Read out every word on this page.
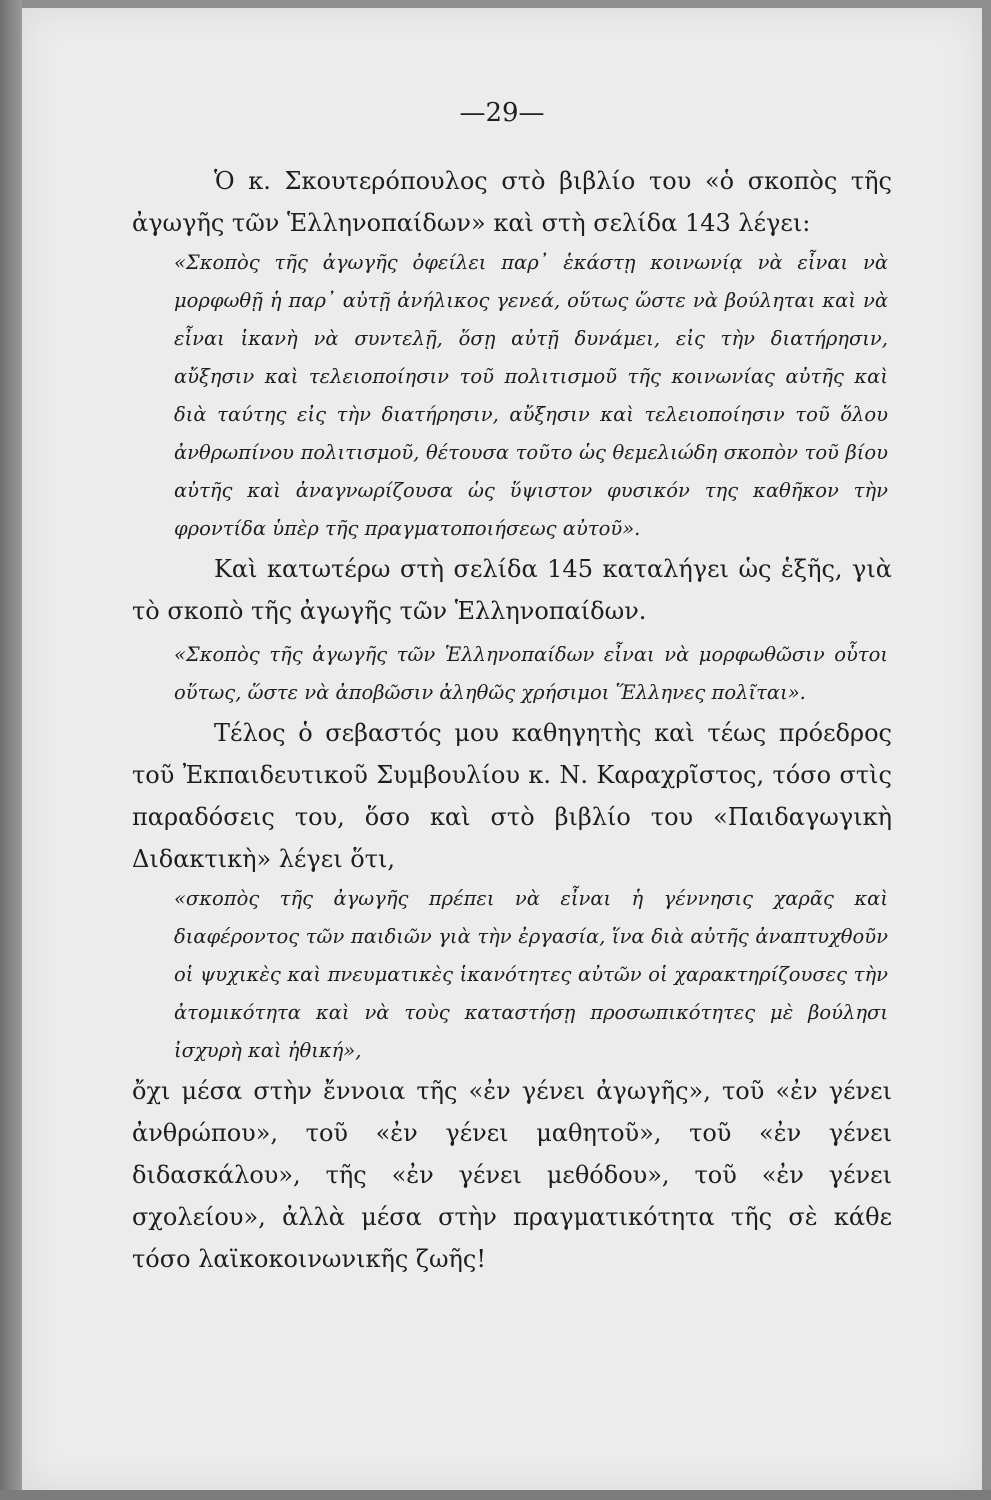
—29—

Ὁ κ. Σκουτερόπουλος στὸ βιβλίο του «ὁ σκοπὸς τῆς ἀγωγῆς τῶν Ἑλληνοπαίδων» καὶ στὴ σελίδα 143 λέγει:

«Σκοπὸς τῆς ἀγωγῆς ὀφείλει παρ᾽ ἑκάστῃ κοινωνίᾳ νὰ εἶναι νὰ μορφωθῇ ἡ παρ᾽ αὐτῇ ἀνήλικος γενεά, οὕτως ὥστε νὰ βούληται καὶ νὰ εἶναι ἱκανὴ νὰ συντελῇ, ὅσῃ αὐτῇ δυνάμει, εἰς τὴν διατήρησιν, αὔξησιν καὶ τελειοποίησιν τοῦ πολιτισμοῦ τῆς κοινωνίας αὐτῆς καὶ διὰ ταύτης εἰς τὴν διατήρησιν, αὔξησιν καὶ τελειοποίησιν τοῦ ὅλου ἀνθρωπίνου πολιτισμοῦ, θέτουσα τοῦτο ὡς θεμελιώδη σκοπὸν τοῦ βίου αὐτῆς καὶ ἀναγνωρίζουσα ὡς ὕψιστον φυσικόν της καθῆκον τὴν φροντίδα ὑπὲρ τῆς πραγματοποιήσεως αὐτοῦ».

Καὶ κατωτέρω στὴ σελίδα 145 καταλήγει ὡς ἑξῆς, γιὰ τὸ σκοπὸ τῆς ἀγωγῆς τῶν Ἑλληνοπαίδων.

«Σκοπὸς τῆς ἀγωγῆς τῶν Ἑλληνοπαίδων εἶναι νὰ μορφωθῶσιν οὗτοι οὕτως, ὥστε νὰ ἀποβῶσιν ἀληθῶς χρήσιμοι Ἕλληνες πολῖται».

Τέλος ὁ σεβαστός μου καθηγητὴς καὶ τέως πρόεδρος τοῦ Ἐκπαιδευτικοῦ Συμβουλίου κ. Ν. Καραχρῖστος, τόσο στὶς παραδόσεις του, ὅσο καὶ στὸ βιβλίο του «Παιδαγωγικὴ Διδακτικὴ» λέγει ὅτι,

«σκοπὸς τῆς ἀγωγῆς πρέπει νὰ εἶναι ἡ γέννησις χαρᾶς καὶ διαφέροντος τῶν παιδιῶν γιὰ τὴν ἐργασία, ἵνα διὰ αὐτῆς ἀναπτυχθοῦν οἱ ψυχικὲς καὶ πνευματικὲς ἱκανότητες αὐτῶν οἱ χαρακτηρίζουσες τὴν ἀτομικότητα καὶ νὰ τοὺς καταστήσῃ προσωπικότητες μὲ βούλησι ἰσχυρὴ καὶ ἠθική»,

ὄχι μέσα στὴν ἔννοια τῆς «ἐν γένει ἀγωγῆς», τοῦ «ἐν γένει ἀνθρώπου», τοῦ «ἐν γένει μαθητοῦ», τοῦ «ἐν γένει διδασκάλου», τῆς «ἐν γένει μεθόδου», τοῦ «ἐν γένει σχολείου», ἀλλὰ μέσα στὴν πραγματικότητα τῆς σὲ κάθε τόσο λαϊκοκοινωνικῆς ζωῆς!
